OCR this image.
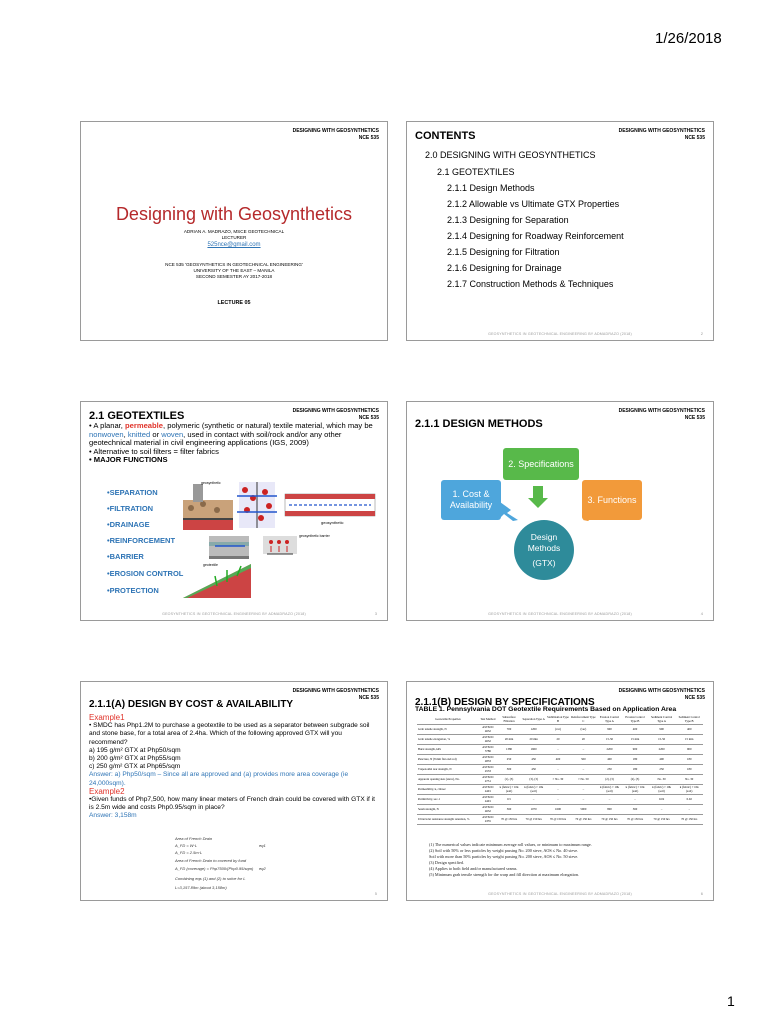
1/26/2018
DESIGNING WITH GEOSYNTHETICS
NCE 535
Designing with Geosynthetics
ADRIAN A. MADRAZO, MSCE GEOTECHNICAL
LECTURER
525nce@gmail.com
NCE 535 'GEOSYNTHETICS IN GEOTECHNICAL ENGINEERING'
UNIVERSITY OF THE EAST – MANILA
SECOND SEMESTER AY 2017-2018
LECTURE 05
DESIGNING WITH GEOSYNTHETICS
NCE 535
CONTENTS
2.0 DESIGNING WITH GEOSYNTHETICS
2.1 GEOTEXTILES
2.1.1 Design Methods
2.1.2 Allowable vs Ultimate GTX Properties
2.1.3 Designing for Separation
2.1.4 Designing for Roadway Reinforcement
2.1.5 Designing for Filtration
2.1.6 Designing for Drainage
2.1.7 Construction Methods & Techniques
GEOSYNTHETICS IN GEOTECHNICAL ENGINEERING BY ADMADRAZO (2018)	2
DESIGNING WITH GEOSYNTHETICS
NCE 535
2.1 GEOTEXTILES
• A planar, permeable, polymeric (synthetic or natural) textile material, which may be nonwoven, knitted or woven, used in contact with soil/rock and/or any other geotechnical material in civil engineering applications (IGS, 2009)
• Alternative to soil filters = filter fabrics
• MAJOR FUNCTIONS
•SEPARATION
•FILTRATION
•DRAINAGE
•REINFORCEMENT
•BARRIER
•EROSION CONTROL
•PROTECTION
geosynthetic
geosynthetic
geosynthetic barrier
geotextile
GEOSYNTHETICS IN GEOTECHNICAL ENGINEERING BY ADMADRAZO (2018)	3
DESIGNING WITH GEOSYNTHETICS
NCE 535
2.1.1 DESIGN METHODS
2. Specifications
1. Cost & Availability
3. Functions
Design
Methods
(GTX)
GEOSYNTHETICS IN GEOTECHNICAL ENGINEERING BY ADMADRAZO (2018)	4
DESIGNING WITH GEOSYNTHETICS
NCE 535
2.1.1(A) DESIGN BY COST & AVAILABILITY
Example1
• SMDC has Php1.2M to purchase a geotextile to be used as a separator between subgrade soil and stone base, for a total area of 2.4ha. Which of the following approved GTX will you recommend?
a) 195 g/m² GTX at Php50/sqm
b) 200 g/m² GTX at Php55/sqm
c) 250 g/m² GTX at Php65/sqm
Answer: a) Php50/sqm – Since all are approved and (a) provides more area coverage (ie 24,000sqm).
Example2
•Given funds of Php7,500, how many linear meters of French drain could be covered with GTX if it is 2.5m wide and costs Php0.95/sqm in place?
Answer: 3,158m
Area of French Drain
A_FD = W·L
A_FD = 2.5m·L
Area of French Drain to covered by fund
A_FD (coverage) = Php7500/(Php0.95/sqm)
Combining eqs (1) and (2) to solve for L
L=3,157.89m (about 3,158m)
eq1
eq2
5
DESIGNING WITH GEOSYNTHETICS
NCE 535
2.1.1(B) DESIGN BY SPECIFICATIONS
TABLE 1. Pennsylvania DOT Geotextile Requirements Based on Application Area
Geotextile Properties	Test Method	Subsurface Filtration	Separation Type A	Stabilization Type B	Reinforcement Type C	Erosion Control Type A	Erosion Control Type B	Sediment Control Type A	Sediment Control Type B
Grab tensile strength, N	ASTM D 4632	700	1200	(var)	(var)	900	400	900	400
Grab tensile elongation, %	ASTM D 4632	20 min	20 min	20	20	15-50	15 min	15-50	15 min
Burst strength, kPa	ASTM D 3786	1380	1600	–	–	2200	900	2200	900
Puncture, N (8 mm flat end rod)	ASTM D 4833	250	450	400	500	400	180	400	180
Trapezoidal tear strength, N	ASTM D 4533	300	450	–	–	250	180	250	180
Apparent opening size (sieve), No.	ASTM D 4751	(1), (3)	(3), (3)	> No. 30	> No. 50	(2), (3)	(2), (3)	No. 30	No. 30
Permeability, k, cm/sec	ASTM D 4491	k (fabric) > 10k (soil)	k (fabric) > 10k (soil)	–	–	k (fabric) > 10k (soil)	k (fabric) > 10k (soil)	k (fabric) > 10k (soil)	k (fabric) > 10k (soil)
Permittivity, sec-1	ASTM D 4491	0.5	–	–	–	–	–	0.02	0.02
Seam strength, N	ASTM D 4632	560	1070	1600	5000	800	360	–	–
Ultraviolet resistance strength retention, %	ASTM D 4355	70 @ 150 hrs	70 @ 150 hrs	70 @ 150 hrs	70 @ 150 hrs	70 @ 150 hrs	70 @ 150 hrs	70 @ 150 hrs	70 @ 150 hrs
(1) The numerical values indicate minimum average roll values, or minimum to maximum range.
(2) Soil with 50% or less particles by weight passing No. 200 sieve, AOS ≤ No. 40 sieve.
Soil with more than 50% particles by weight passing No. 200 sieve, AOS ≤ No. 50 sieve.
(3) Design specified.
(4) Applies to both field and/or manufactured seams.
(5) Minimum grab tensile strength for the warp and fill direction at maximum elongation.
GEOSYNTHETICS IN GEOTECHNICAL ENGINEERING BY ADMADRAZO (2018)	6
1
